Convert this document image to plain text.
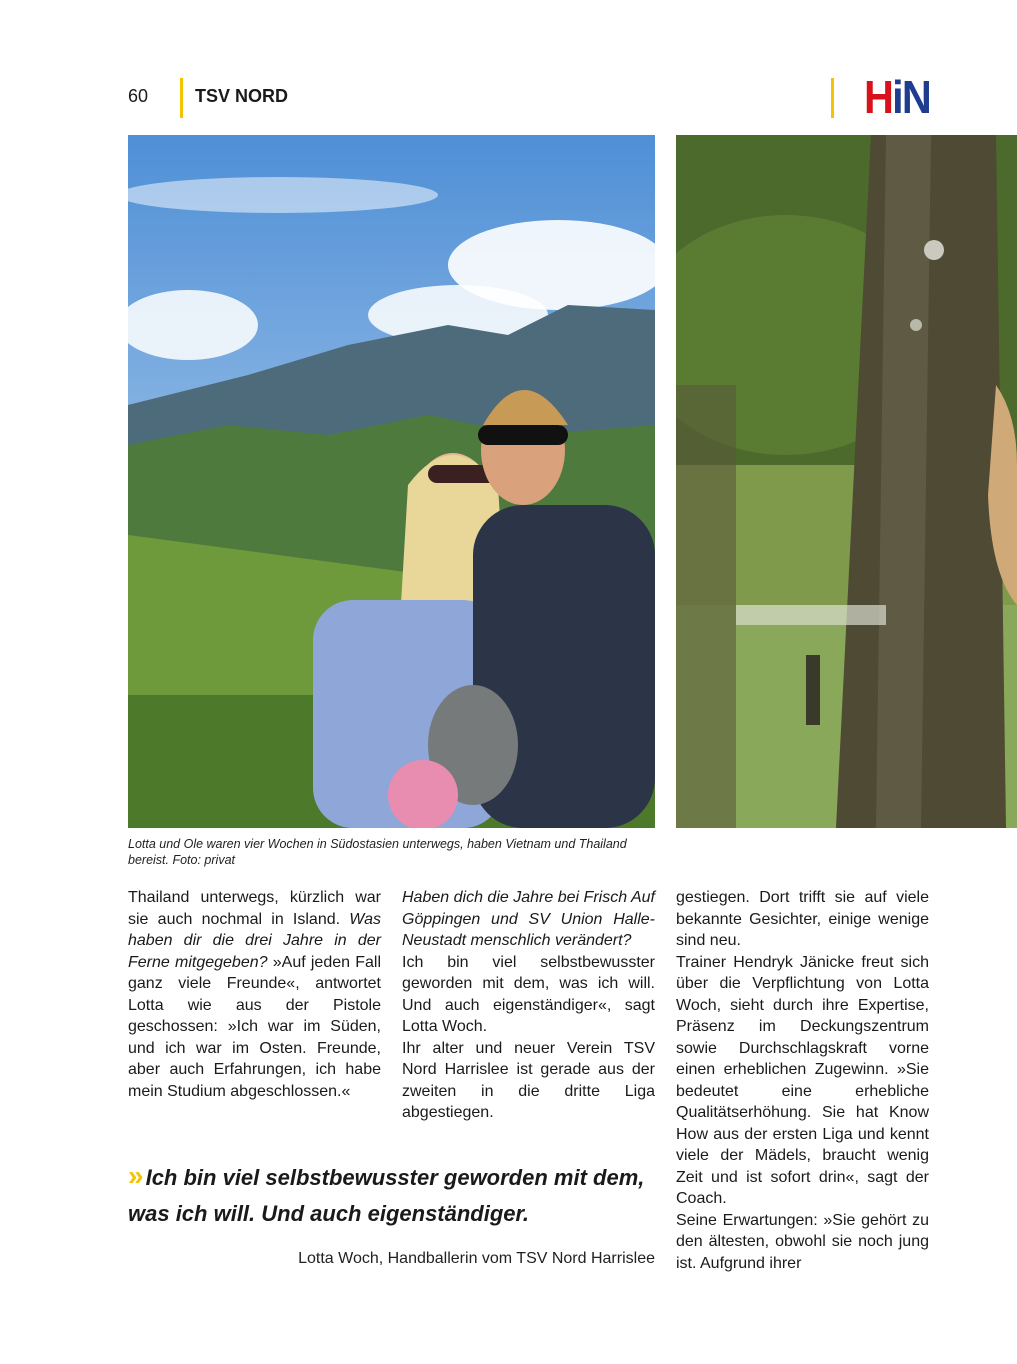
60	TSV NORD	HiN
Lotta und Ole waren vier Wochen in Südostasien unterwegs, haben Vietnam und Thailand bereist. Foto: privat

Thailand unterwegs, kürzlich war sie auch nochmal in Island. Was haben dir die drei Jahre in der Ferne mitgegeben? »Auf jeden Fall ganz viele Freunde«, antwortet Lotta wie aus der Pistole geschossen: »Ich war im Süden, und ich war im Osten. Freunde, aber auch Erfahrungen, ich habe mein Studium abgeschlossen.«

Haben dich die Jahre bei Frisch Auf Göppingen und SV Union Halle-Neustadt menschlich verändert?

Ich bin viel selbstbewusster geworden mit dem, was ich will. Und auch eigenständiger«, sagt Lotta Woch.

Ihr alter und neuer Verein TSV Nord Harrislee ist gerade aus der zweiten in die dritte Liga abgestiegen.

gestiegen. Dort trifft sie auf viele bekannte Gesichter, einige wenige sind neu.

Trainer Hendryk Jänicke freut sich über die Verpflichtung von Lotta Woch, sieht durch ihre Expertise, Präsenz im Deckungszentrum sowie Durchschlagskraft vorne einen erheblichen Zugewinn. »Sie bedeutet eine erhebliche Qualitätserhöhung. Sie hat Know How aus der ersten Liga und kennt viele der Mädels, braucht wenig Zeit und ist sofort drin«, sagt der Coach.

Seine Erwartungen: »Sie gehört zu den ältesten, obwohl sie noch jung ist. Aufgrund ihrer

» Ich bin viel selbstbewusster geworden mit dem, was ich will. Und auch eigenständiger.
Lotta Woch, Handballerin vom TSV Nord Harrislee
